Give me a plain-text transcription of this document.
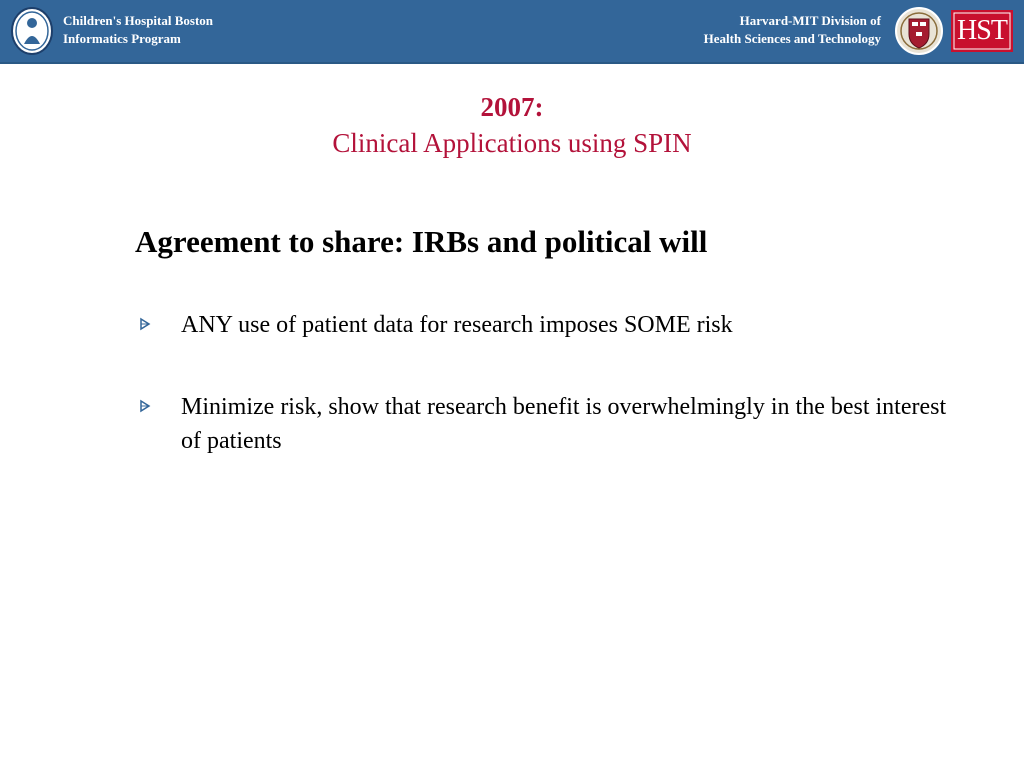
Children's Hospital Boston
Informatics Program
Harvard-MIT Division of
Health Sciences and Technology	HST
2007:
Clinical Applications using SPIN
Agreement to share: IRBs and political will
ANY use of patient data for research imposes SOME risk
Minimize risk, show that research benefit is overwhelmingly in the best interest of patients
